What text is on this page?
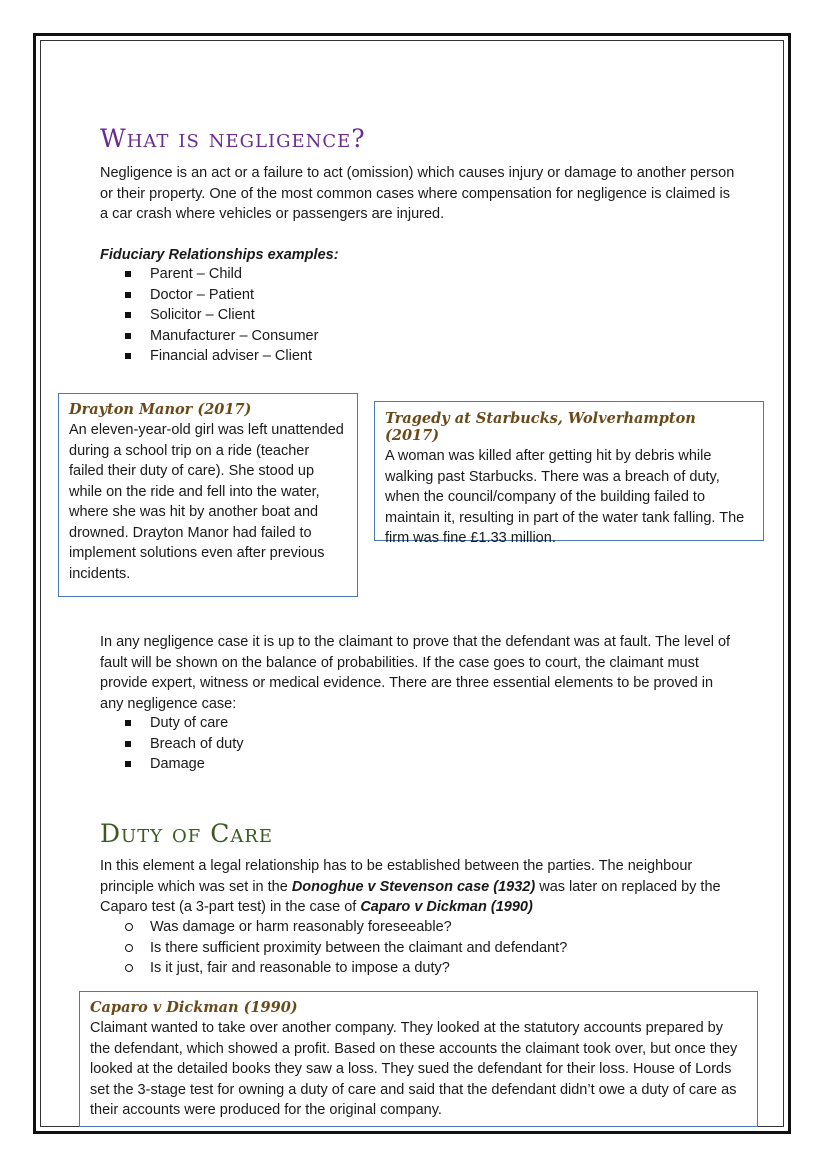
What is negligence?

Negligence is an act or a failure to act (omission) which causes injury or damage to another person or their property. One of the most common cases where compensation for negligence is claimed is a car crash where vehicles or passengers are injured.

Fiduciary Relationships examples:
Parent – Child
Doctor – Patient
Solicitor – Client
Manufacturer – Consumer
Financial adviser – Client
Drayton Manor (2017)

An eleven-year-old girl was left unattended during a school trip on a ride (teacher failed their duty of care). She stood up while on the ride and fell into the water, where she was hit by another boat and drowned. Drayton Manor had failed to implement solutions even after previous incidents.

Tragedy at Starbucks, Wolverhampton (2017)

A woman was killed after getting hit by debris while walking past Starbucks. There was a breach of duty, when the council/company of the building failed to maintain it, resulting in part of the water tank falling. The firm was fine £1.33 million.

In any negligence case it is up to the claimant to prove that the defendant was at fault. The level of fault will be shown on the balance of probabilities. If the case goes to court, the claimant must provide expert, witness or medical evidence. There are three essential elements to be proved in any negligence case:

Duty of care
Breach of duty
Damage
Duty of Care

In this element a legal relationship has to be established between the parties. The neighbour principle which was set in the Donoghue v Stevenson case (1932) was later on replaced by the Caparo test (a 3-part test) in the case of Caparo v Dickman (1990)

Was damage or harm reasonably foreseeable?
Is there sufficient proximity between the claimant and defendant?
Is it just, fair and reasonable to impose a duty?
Caparo v Dickman (1990)

Claimant wanted to take over another company. They looked at the statutory accounts prepared by the defendant, which showed a profit. Based on these accounts the claimant took over, but once they looked at the detailed books they saw a loss. They sued the defendant for their loss. House of Lords set the 3-stage test for owning a duty of care and said that the defendant didn’t owe a duty of care as their accounts were produced for the original company.
